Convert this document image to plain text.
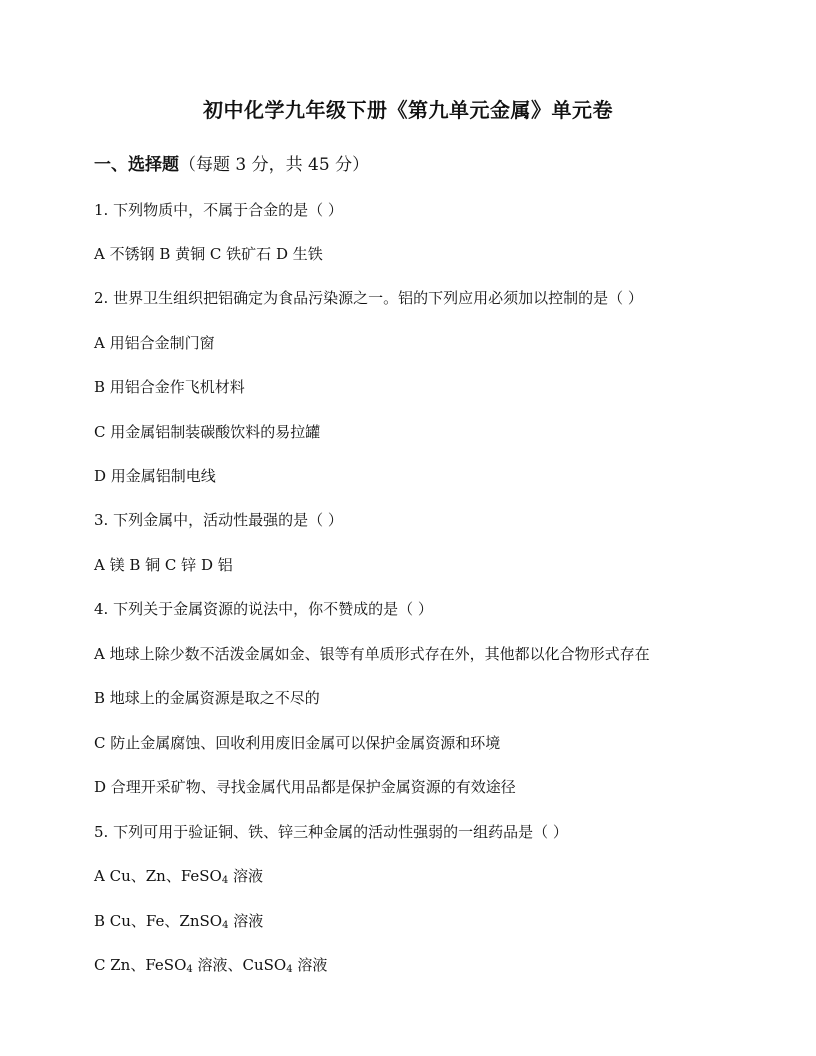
初中化学九年级下册《第九单元金属》单元卷
一、选择题（每题 3 分，共 45 分）
1. 下列物质中，不属于合金的是（ ）
A 不锈钢 B 黄铜 C 铁矿石 D 生铁
2. 世界卫生组织把铝确定为食品污染源之一。铝的下列应用必须加以控制的是（ ）
A 用铝合金制门窗
B 用铝合金作飞机材料
C 用金属铝制装碳酸饮料的易拉罐
D 用金属铝制电线
3. 下列金属中，活动性最强的是（ ）
A 镁 B 铜 C 锌 D 铝
4. 下列关于金属资源的说法中，你不赞成的是（ ）
A 地球上除少数不活泼金属如金、银等有单质形式存在外，其他都以化合物形式存在
B 地球上的金属资源是取之不尽的
C 防止金属腐蚀、回收利用废旧金属可以保护金属资源和环境
D 合理开采矿物、寻找金属代用品都是保护金属资源的有效途径
5. 下列可用于验证铜、铁、锌三种金属的活动性强弱的一组药品是（ ）
A Cu、Zn、FeSO$_4$ 溶液
B Cu、Fe、ZnSO$_4$ 溶液
C Zn、FeSO$_4$ 溶液、CuSO$_4$ 溶液
